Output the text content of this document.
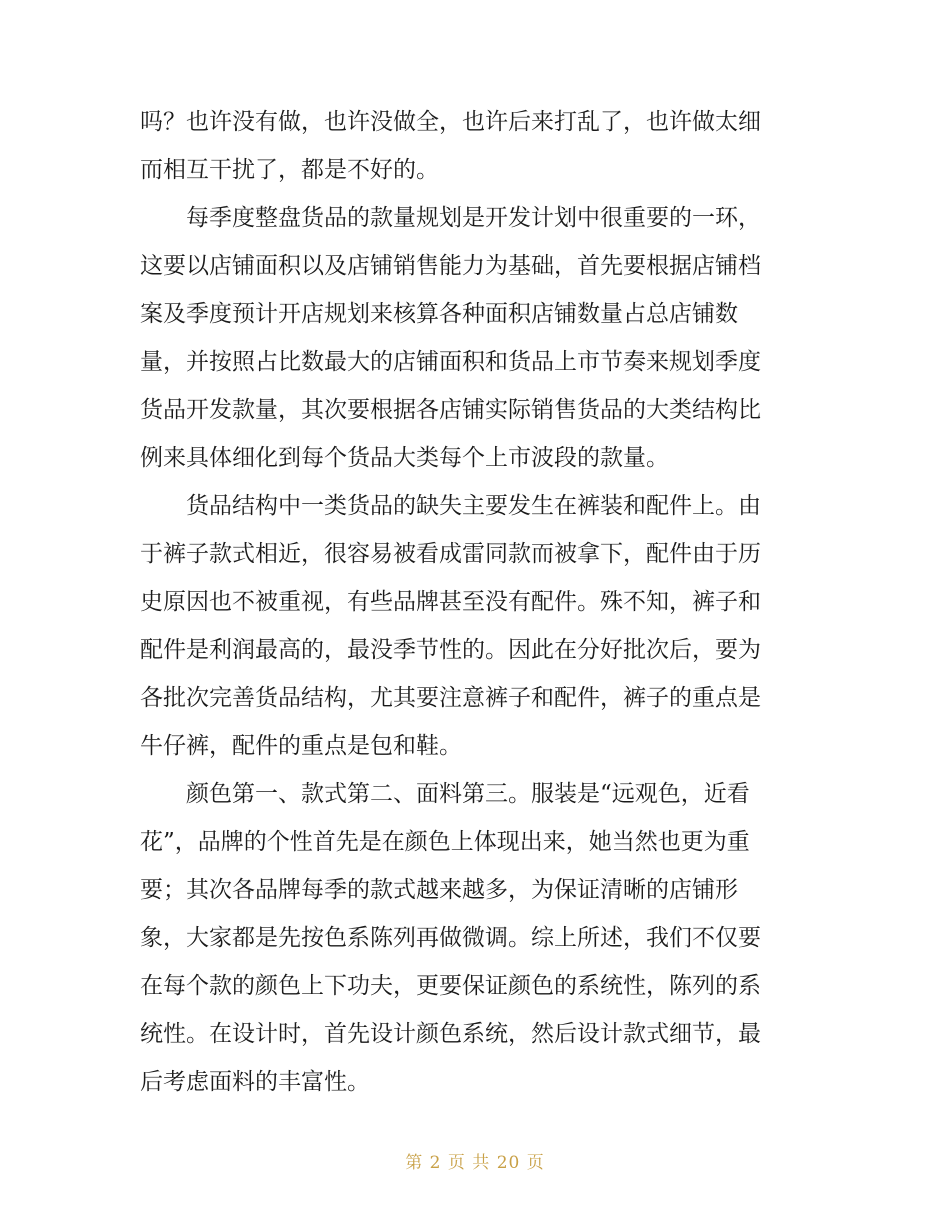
吗？也许没有做，也许没做全，也许后来打乱了，也许做太细
而相互干扰了，都是不好的。
每季度整盘货品的款量规划是开发计划中很重要的一环，
这要以店铺面积以及店铺销售能力为基础，首先要根据店铺档
案及季度预计开店规划来核算各种面积店铺数量占总店铺数
量，并按照占比数最大的店铺面积和货品上市节奏来规划季度
货品开发款量，其次要根据各店铺实际销售货品的大类结构比
例来具体细化到每个货品大类每个上市波段的款量。
货品结构中一类货品的缺失主要发生在裤装和配件上。由
于裤子款式相近，很容易被看成雷同款而被拿下，配件由于历
史原因也不被重视，有些品牌甚至没有配件。殊不知，裤子和
配件是利润最高的，最没季节性的。因此在分好批次后，要为
各批次完善货品结构，尤其要注意裤子和配件，裤子的重点是
牛仔裤，配件的重点是包和鞋。
颜色第一、款式第二、面料第三。服装是“远观色，近看
花”，品牌的个性首先是在颜色上体现出来，她当然也更为重
要；其次各品牌每季的款式越来越多，为保证清晰的店铺形
象，大家都是先按色系陈列再做微调。综上所述，我们不仅要
在每个款的颜色上下功夫，更要保证颜色的系统性，陈列的系
统性。在设计时，首先设计颜色系统，然后设计款式细节，最
后考虑面料的丰富性。
第 2 页 共 20 页
